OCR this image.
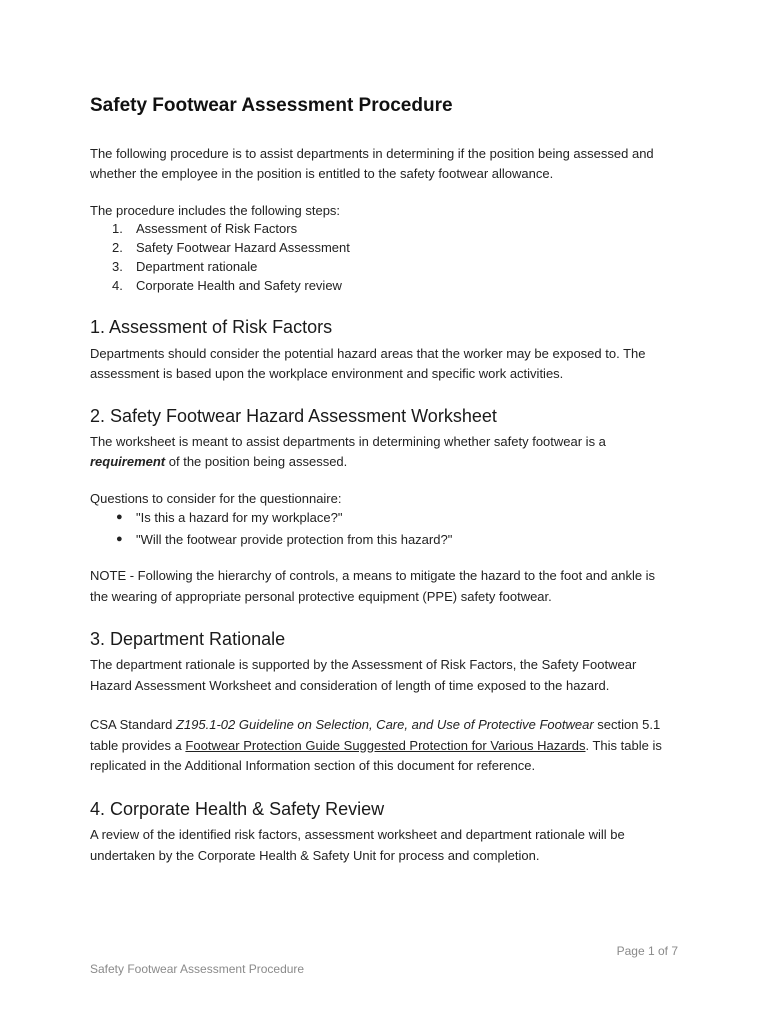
Safety Footwear Assessment Procedure

The following procedure is to assist departments in determining if the position being assessed and whether the employee in the position is entitled to the safety footwear allowance.

The procedure includes the following steps:

1. Assessment of Risk Factors
2. Safety Footwear Hazard Assessment
3. Department rationale
4. Corporate Health and Safety review
1. Assessment of Risk Factors

Departments should consider the potential hazard areas that the worker may be exposed to. The assessment is based upon the workplace environment and specific work activities.

2. Safety Footwear Hazard Assessment Worksheet

The worksheet is meant to assist departments in determining whether safety footwear is a requirement of the position being assessed.

Questions to consider for the questionnaire:

● "Is this a hazard for my workplace?"
● "Will the footwear provide protection from this hazard?"

NOTE - Following the hierarchy of controls, a means to mitigate the hazard to the foot and ankle is the wearing of appropriate personal protective equipment (PPE) safety footwear.

3. Department Rationale

The department rationale is supported by the Assessment of Risk Factors, the Safety Footwear Hazard Assessment Worksheet and consideration of length of time exposed to the hazard.

CSA Standard Z195.1-02 Guideline on Selection, Care, and Use of Protective Footwear section 5.1 table provides a Footwear Protection Guide Suggested Protection for Various Hazards. This table is replicated in the Additional Information section of this document for reference.

4. Corporate Health & Safety Review

A review of the identified risk factors, assessment worksheet and department rationale will be undertaken by the Corporate Health & Safety Unit for process and completion.

Page 1 of 7
Safety Footwear Assessment Procedure
